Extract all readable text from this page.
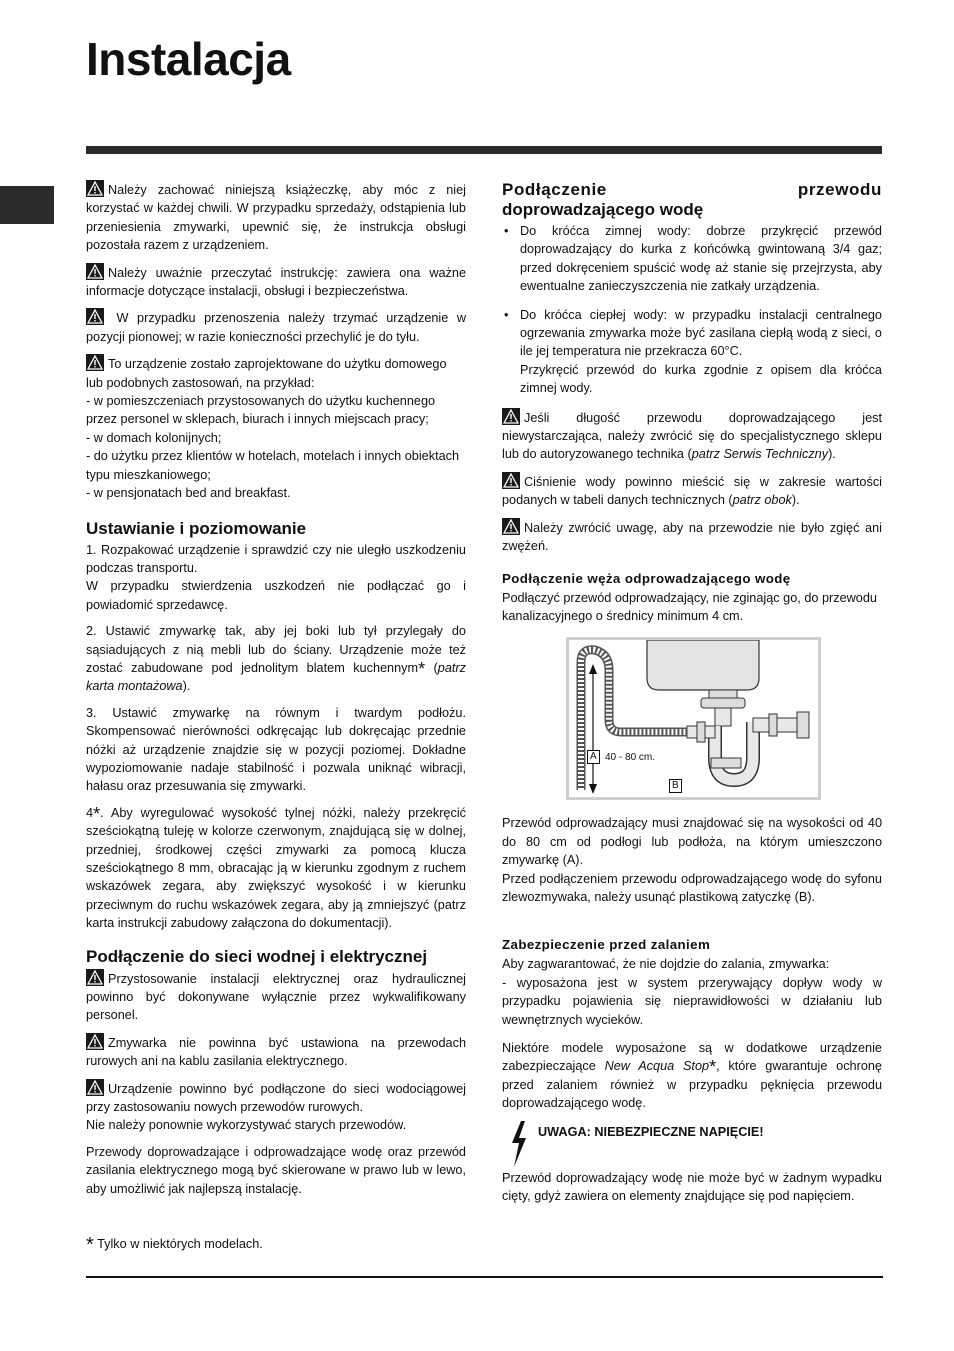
Instalacja

Należy zachować niniejszą książeczkę, aby móc z niej korzystać w każdej chwili. W przypadku sprzedaży, odstąpienia lub przeniesienia zmywarki, upewnić się, że instrukcja obsługi pozostała razem z urządzeniem.

Należy uważnie przeczytać instrukcję: zawiera ona ważne informacje dotyczące instalacji, obsługi i bezpieczeństwa.

W przypadku przenoszenia należy trzymać urządzenie w pozycji pionowej; w razie konieczności przechylić je do tyłu.

To urządzenie zostało zaprojektowane do użytku domowego lub podobnych zastosowań, na przykład:
- w pomieszczeniach przystosowanych do użytku kuchennego przez personel w sklepach, biurach i innych miejscach pracy;
- w domach kolonijnych;
- do użytku przez klientów w hotelach, motelach i innych obiektach typu mieszkaniowego;
- w pensjonatach bed and breakfast.

Ustawianie i poziomowanie

1. Rozpakować urządzenie i sprawdzić czy nie uległo uszkodzeniu podczas transportu.
W przypadku stwierdzenia uszkodzeń nie podłączać go i powiadomić sprzedawcę.

2. Ustawić zmywarkę tak, aby jej boki lub tył przylegały do sąsiadujących z nią mebli lub do ściany. Urządzenie może też zostać zabudowane pod jednolitym blatem kuchennym* (patrz karta montażowa).

3. Ustawić zmywarkę na równym i twardym podłożu. Skompensować nierówności odkręcając lub dokręcając przednie nóżki aż urządzenie znajdzie się w pozycji poziomej. Dokładne wypoziomowanie nadaje stabilność i pozwala uniknąć wibracji, hałasu oraz przesuwania się zmywarki.

4*. Aby wyregulować wysokość tylnej nóżki, należy przekręcić sześciokątną tuleję w kolorze czerwonym, znajdującą się w dolnej, przedniej, środkowej części zmywarki za pomocą klucza sześciokątnego 8 mm, obracając ją w kierunku zgodnym z ruchem wskazówek zegara, aby zwiększyć wysokość i w kierunku przeciwnym do ruchu wskazówek zegara, aby ją zmniejszyć (patrz karta instrukcji zabudowy załączona do dokumentacji).

Podłączenie do sieci wodnej i elektrycznej

Przystosowanie instalacji elektrycznej oraz hydraulicznej powinno być dokonywane wyłącznie przez wykwalifikowany personel.

Zmywarka nie powinna być ustawiona na przewodach rurowych ani na kablu zasilania elektrycznego.

Urządzenie powinno być podłączone do sieci wodociągowej przy zastosowaniu nowych przewodów rurowych.
Nie należy ponownie wykorzystywać starych przewodów.

Przewody doprowadzające i odprowadzające wodę oraz przewód zasilania elektrycznego mogą być skierowane w prawo lub w lewo, aby umożliwić jak najlepszą instalację.

* Tylko w niektórych modelach.
Podłączenie	przewodu
doprowadzającego wodę
• Do króćca zimnej wody: dobrze przykręcić przewód doprowadzający do kurka z końcówką gwintowaną 3/4 gaz; przed dokręceniem spuścić wodę aż stanie się przejrzysta, aby ewentualne zanieczyszczenia nie zatkały urządzenia.
• Do króćca ciepłej wody: w przypadku instalacji centralnego ogrzewania zmywarka może być zasilana ciepłą wodą z sieci, o ile jej temperatura nie przekracza 60°C.
Przykręcić przewód do kurka zgodnie z opisem dla króćca zimnej wody.

Jeśli długość przewodu doprowadzającego jest niewystarczająca, należy zwrócić się do specjalistycznego sklepu lub do autoryzowanego technika (patrz Serwis Techniczny).

Ciśnienie wody powinno mieścić się w zakresie wartości podanych w tabeli danych technicznych (patrz obok).

Należy zwrócić uwagę, aby na przewodzie nie było zgięć ani zwężeń.

Podłączenie węża odprowadzającego wodę

Podłączyć przewód odprowadzający, nie zginając go, do przewodu kanalizacyjnego o średnicy minimum 4 cm.

A 40 - 80 cm.
B

Przewód odprowadzający musi znajdować się na wysokości od 40 do 80 cm od podłogi lub podłoża, na którym umieszczono zmywarkę (A).
Przed podłączeniem przewodu odprowadzającego wodę do syfonu zlewozmywaka, należy usunąć plastikową zatyczkę (B).

Zabezpieczenie przed zalaniem

Aby zagwarantować, że nie dojdzie do zalania, zmywarka:
- wyposażona jest w system przerywający dopływ wody w przypadku pojawienia się nieprawidłowości w działaniu lub wewnętrznych wycieków.

Niektóre modele wyposażone są w dodatkowe urządzenie zabezpieczające New Acqua Stop*, które gwarantuje ochronę przed zalaniem również w przypadku pęknięcia przewodu doprowadzającego wodę.

UWAGA: NIEBEZPIECZNE NAPIĘCIE!

Przewód doprowadzający wodę nie może być w żadnym wypadku cięty, gdyż zawiera on elementy znajdujące się pod napięciem.
